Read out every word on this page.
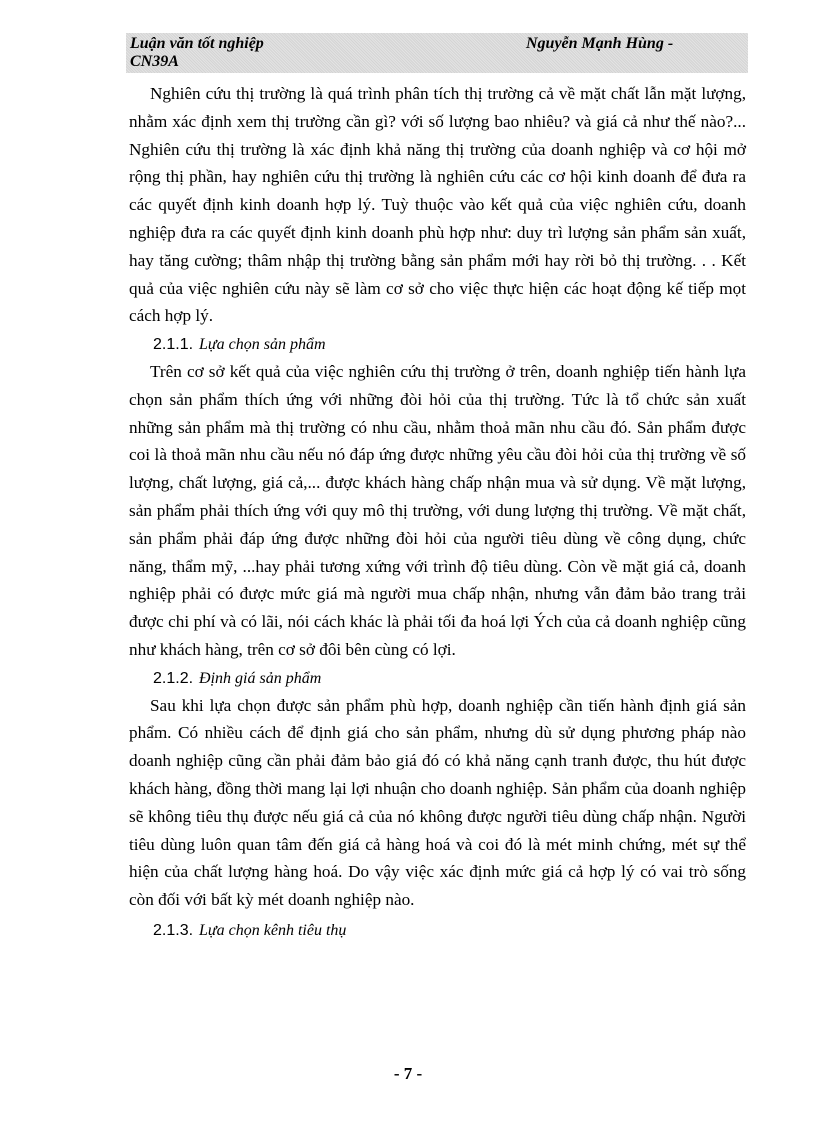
Luận văn tốt nghiệp
CN39A
Nguyễn Mạnh Hùng -

Nghiên cứu thị trường là quá trình phân tích thị trường cả về mặt chất lẫn mặt lượng, nhằm xác định xem thị trường cần gì? với số lượng bao nhiêu? và giá cả như thế nào?... Nghiên cứu thị trường là xác định khả năng thị trường của doanh nghiệp và cơ hội mở rộng thị phần, hay nghiên cứu thị trường là nghiên cứu các cơ hội kinh doanh để đưa ra các quyết định kinh doanh hợp lý. Tuỳ thuộc vào kết quả của việc nghiên cứu, doanh nghiệp đưa ra các quyết định kinh doanh phù hợp như: duy trì lượng sản phẩm sản xuất, hay tăng cường; thâm nhập thị trường bằng sản phẩm mới hay rời bỏ thị trường. . . Kết quả của việc nghiên cứu này sẽ làm cơ sở cho việc thực hiện các hoạt động kế tiếp mọt cách hợp lý.

2.1.1. Lựa chọn sản phẩm

Trên cơ sở kết quả của việc nghiên cứu thị trường ở trên, doanh nghiệp tiến hành lựa chọn sản phẩm thích ứng với những đòi hỏi của thị trường. Tức là tổ chức sản xuất những sản phẩm mà thị trường có nhu cầu, nhằm thoả mãn nhu cầu đó. Sản phẩm được coi là thoả mãn nhu cầu nếu nó đáp ứng được những yêu cầu đòi hỏi của thị trường về số lượng, chất lượng, giá cả,... được khách hàng chấp nhận mua và sử dụng. Về mặt lượng, sản phẩm phải thích ứng với quy mô thị trường, với dung lượng thị trường. Về mặt chất, sản phẩm phải đáp ứng được những đòi hỏi của người tiêu dùng về công dụng, chức năng, thẩm mỹ, ...hay phải tương xứng với trình độ tiêu dùng. Còn về mặt giá cả, doanh nghiệp phải có được mức giá mà người mua chấp nhận, nhưng vẫn đảm bảo trang trải được chi phí và có lãi, nói cách khác là phải tối đa hoá lợi Ých của cả doanh nghiệp cũng như khách hàng, trên cơ sở đôi bên cùng có lợi.

2.1.2. Định giá sản phẩm

Sau khi lựa chọn được sản phẩm phù hợp, doanh nghiệp cần tiến hành định giá sản phẩm. Có nhiều cách để định giá cho sản phẩm, nhưng dù sử dụng phương pháp nào doanh nghiệp cũng cần phải đảm bảo giá đó có khả năng cạnh tranh được, thu hút được khách hàng, đồng thời mang lại lợi nhuận cho doanh nghiệp. Sản phẩm của doanh nghiệp sẽ không tiêu thụ được nếu giá cả của nó không được người tiêu dùng chấp nhận. Người tiêu dùng luôn quan tâm đến giá cả hàng hoá và coi đó là mét minh chứng, mét sự thể hiện của chất lượng hàng hoá. Do vậy việc xác định mức giá cả hợp lý có vai trò sống còn đối với bất kỳ mét doanh nghiệp nào.

2.1.3. Lựa chọn kênh tiêu thụ
- 7 -
